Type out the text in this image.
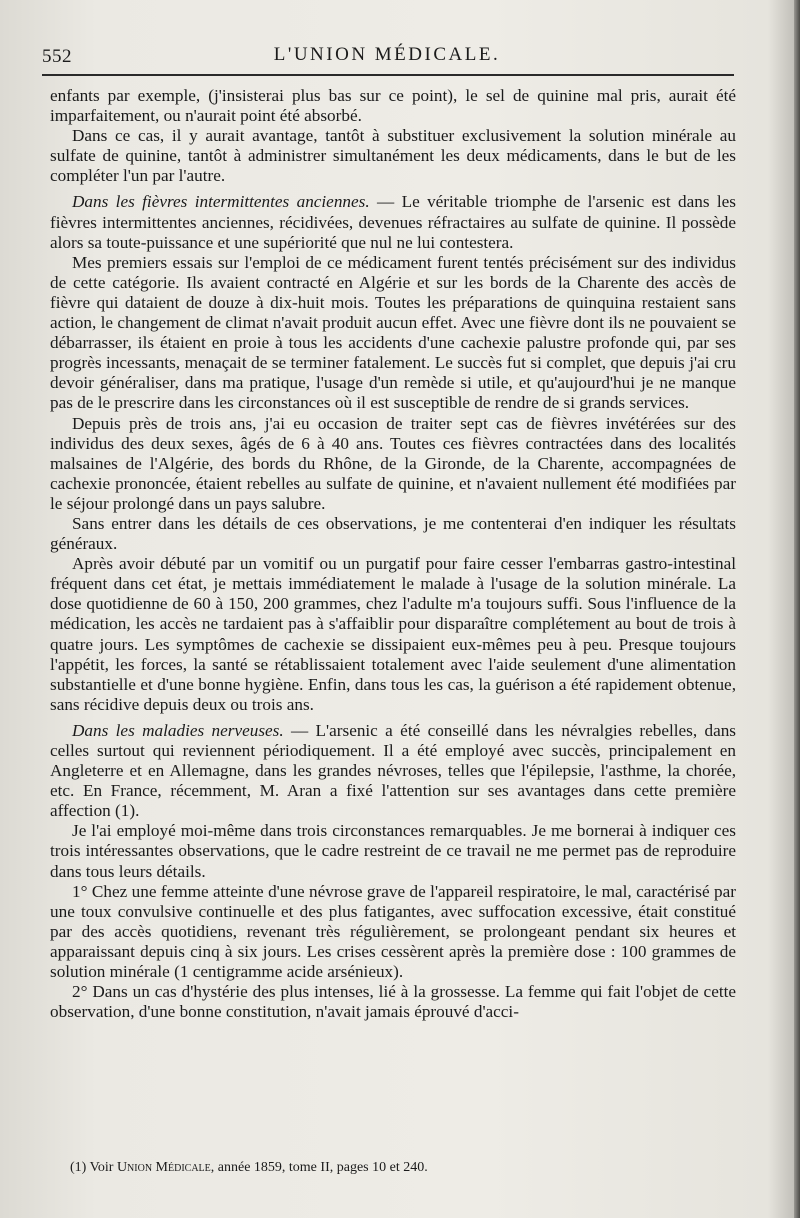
552	L'UNION MÉDICALE.

enfants par exemple, (j'insisterai plus bas sur ce point), le sel de quinine mal pris, aurait été imparfaitement, ou n'aurait point été absorbé.

Dans ce cas, il y aurait avantage, tantôt à substituer exclusivement la solution minérale au sulfate de quinine, tantôt à administrer simultanément les deux médicaments, dans le but de les compléter l'un par l'autre.

Dans les fièvres intermittentes anciennes. — Le véritable triomphe de l'arsenic est dans les fièvres intermittentes anciennes, récidivées, devenues réfractaires au sulfate de quinine. Il possède alors sa toute-puissance et une supériorité que nul ne lui contestera.

Mes premiers essais sur l'emploi de ce médicament furent tentés précisément sur des individus de cette catégorie. Ils avaient contracté en Algérie et sur les bords de la Charente des accès de fièvre qui dataient de douze à dix-huit mois. Toutes les préparations de quinquina restaient sans action, le changement de climat n'avait produit aucun effet. Avec une fièvre dont ils ne pouvaient se débarrasser, ils étaient en proie à tous les accidents d'une cachexie palustre profonde qui, par ses progrès incessants, menaçait de se terminer fatalement. Le succès fut si complet, que depuis j'ai cru devoir généraliser, dans ma pratique, l'usage d'un remède si utile, et qu'aujourd'hui je ne manque pas de le prescrire dans les circonstances où il est susceptible de rendre de si grands services.

Depuis près de trois ans, j'ai eu occasion de traiter sept cas de fièvres invétérées sur des individus des deux sexes, âgés de 6 à 40 ans. Toutes ces fièvres contractées dans des localités malsaines de l'Algérie, des bords du Rhône, de la Gironde, de la Charente, accompagnées de cachexie prononcée, étaient rebelles au sulfate de quinine, et n'avaient nullement été modifiées par le séjour prolongé dans un pays salubre.

Sans entrer dans les détails de ces observations, je me contenterai d'en indiquer les résultats généraux.

Après avoir débuté par un vomitif ou un purgatif pour faire cesser l'embarras gastro-intestinal fréquent dans cet état, je mettais immédiatement le malade à l'usage de la solution minérale. La dose quotidienne de 60 à 150, 200 grammes, chez l'adulte m'a toujours suffi. Sous l'influence de la médication, les accès ne tardaient pas à s'affaiblir pour disparaître complétement au bout de trois à quatre jours. Les symptômes de cachexie se dissipaient eux-mêmes peu à peu. Presque toujours l'appétit, les forces, la santé se rétablissaient totalement avec l'aide seulement d'une alimentation substantielle et d'une bonne hygiène. Enfin, dans tous les cas, la guérison a été rapidement obtenue, sans récidive depuis deux ou trois ans.

Dans les maladies nerveuses. — L'arsenic a été conseillé dans les névralgies rebelles, dans celles surtout qui reviennent périodiquement. Il a été employé avec succès, principalement en Angleterre et en Allemagne, dans les grandes névroses, telles que l'épilepsie, l'asthme, la chorée, etc. En France, récemment, M. Aran a fixé l'attention sur ses avantages dans cette première affection (1).

Je l'ai employé moi-même dans trois circonstances remarquables. Je me bornerai à indiquer ces trois intéressantes observations, que le cadre restreint de ce travail ne me permet pas de reproduire dans tous leurs détails.

1° Chez une femme atteinte d'une névrose grave de l'appareil respiratoire, le mal, caractérisé par une toux convulsive continuelle et des plus fatigantes, avec suffocation excessive, était constitué par des accès quotidiens, revenant très régulièrement, se prolongeant pendant six heures et apparaissant depuis cinq à six jours. Les crises cessèrent après la première dose : 100 grammes de solution minérale (1 centigramme acide arsénieux).

2° Dans un cas d'hystérie des plus intenses, lié à la grossesse. La femme qui fait l'objet de cette observation, d'une bonne constitution, n'avait jamais éprouvé d'acci-

(1) Voir Union Médicale, année 1859, tome II, pages 10 et 240.
